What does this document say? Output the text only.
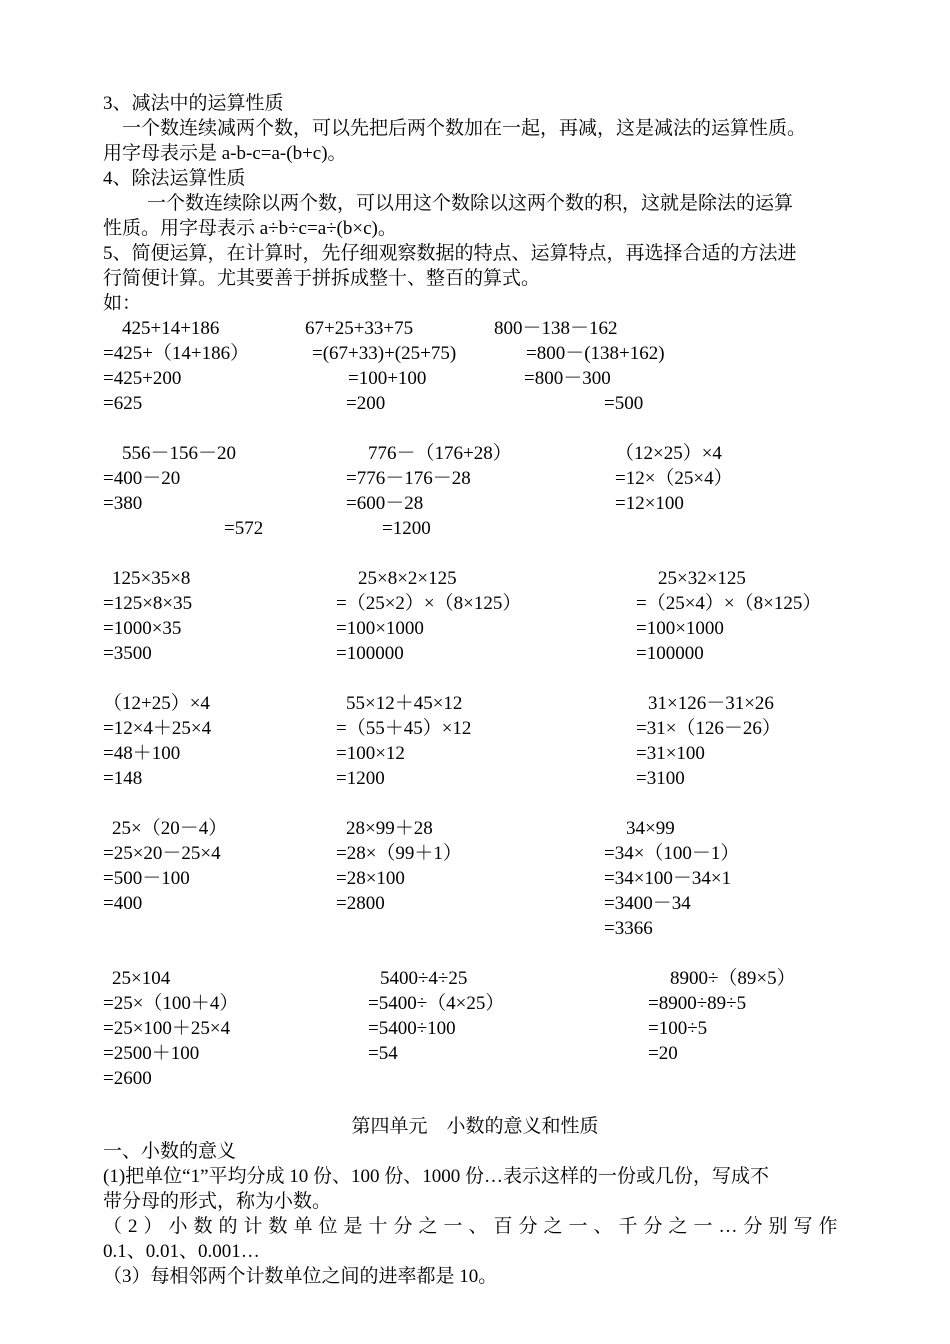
3、减法中的运算性质
一个数连续减两个数，可以先把后两个数加在一起，再减，这是减法的运算性质。
用字母表示是 a-b-c=a-(b+c)。
4、除法运算性质
一个数连续除以两个数，可以用这个数除以这两个数的积，这就是除法的运算
性质。用字母表示 a÷b÷c=a÷(b×c)。
5、简便运算，在计算时，先仔细观察数据的特点、运算特点，再选择合适的方法进
行简便计算。尤其要善于拼拆成整十、整百的算式。
如：
425+14+186
=425+（14+186）
=425+200
=625
67+25+33+75
=(67+33)+(25+75)
=100+100
=200
800－138－162
=800－(138+162)
=800－300
=500
556－156－20
=400－20
=380
=572
776－（176+28）
=776－176－28
=600－28
=1200
（12×25）×4
=12×（25×4）
=12×100
125×35×8
=125×8×35
=1000×35
=3500
25×8×2×125
=（25×2）×（8×125）
=100×1000
=100000
25×32×125
=（25×4）×（8×125）
=100×1000
=100000
（12+25）×4
=12×4＋25×4
=48＋100
=148
55×12＋45×12
=（55＋45）×12
=100×12
=1200
31×126－31×26
=31×（126－26）
=31×100
=3100
25×（20－4）
=25×20－25×4
=500－100
=400
28×99＋28
=28×（99＋1）
=28×100
=2800
34×99
=34×（100－1）
=34×100－34×1
=3400－34
=3366
25×104
=25×（100＋4）
=25×100＋25×4
=2500＋100
=2600
5400÷4÷25
=5400÷（4×25）
=5400÷100
=54
8900÷（89×5）
=8900÷89÷5
=100÷5
=20
第四单元　小数的意义和性质
一、小数的意义
(1)把单位“1”平均分成 10 份、100 份、1000 份…表示这样的一份或几份，写成不
带分母的形式，称为小数。
（2）小数的计数单位是十分之一、百分之一、千分之一…分别写作
0.1、0.01、0.001…
（3）每相邻两个计数单位之间的进率都是 10。
